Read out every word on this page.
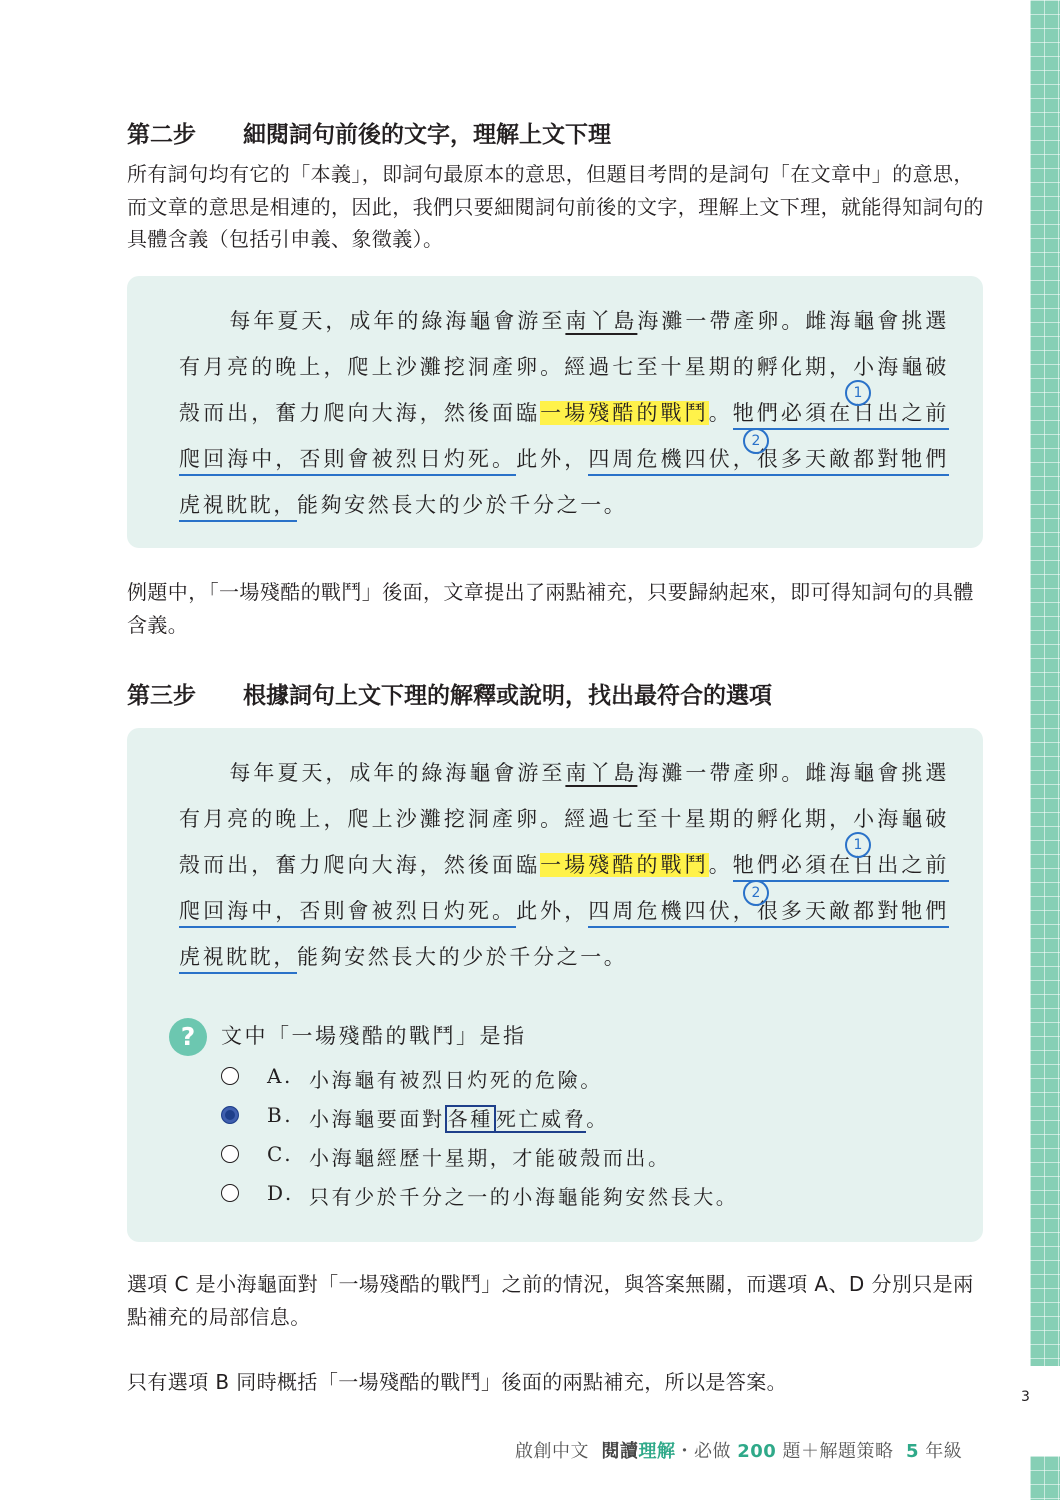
3
第二步 細閱詞句前後的文字，理解上文下理

所有詞句均有它的「本義」，即詞句最原本的意思，但題目考問的是詞句「在文章中」的意思，而文章的意思是相連的，因此，我們只要細閱詞句前後的文字，理解上文下理，就能得知詞句的具體含義（包括引申義、象徵義）。

每年夏天，成年的綠海龜會游至南丫島海灘一帶產卵。雌海龜會挑選有月亮的晚上，爬上沙灘挖洞產卵。經過七至十星期的孵化期，小海龜破殼而出，奮力爬向大海，然後面臨一場殘酷的戰鬥。牠們必須在日出之前爬回海中，否則會被烈日灼死。此外，四周危機四伏，很多天敵都對牠們虎視眈眈，能夠安然長大的少於千分之一。

1
2

例題中，「一場殘酷的戰鬥」後面，文章提出了兩點補充，只要歸納起來，即可得知詞句的具體含義。

第三步 根據詞句上文下理的解釋或說明，找出最符合的選項

每年夏天，成年的綠海龜會游至南丫島海灘一帶產卵。雌海龜會挑選有月亮的晚上，爬上沙灘挖洞產卵。經過七至十星期的孵化期，小海龜破殼而出，奮力爬向大海，然後面臨一場殘酷的戰鬥。牠們必須在日出之前爬回海中，否則會被烈日灼死。此外，四周危機四伏，很多天敵都對牠們虎視眈眈，能夠安然長大的少於千分之一。

1
2
?	文中「一場殘酷的戰鬥」是指
A. 小海龜有被烈日灼死的危險。
B. 小海龜要面對 各種 死亡威脅。
C. 小海龜經歷十星期，才能破殼而出。
D. 只有少於千分之一的小海龜能夠安然長大。

選項 C 是小海龜面對「一場殘酷的戰鬥」之前的情況，與答案無關，而選項 A、D 分別只是兩點補充的局部信息。

只有選項 B 同時概括「一場殘酷的戰鬥」後面的兩點補充，所以是答案。

啟創中文 閱讀理解・必做 200 題＋解題策略 5 年級
